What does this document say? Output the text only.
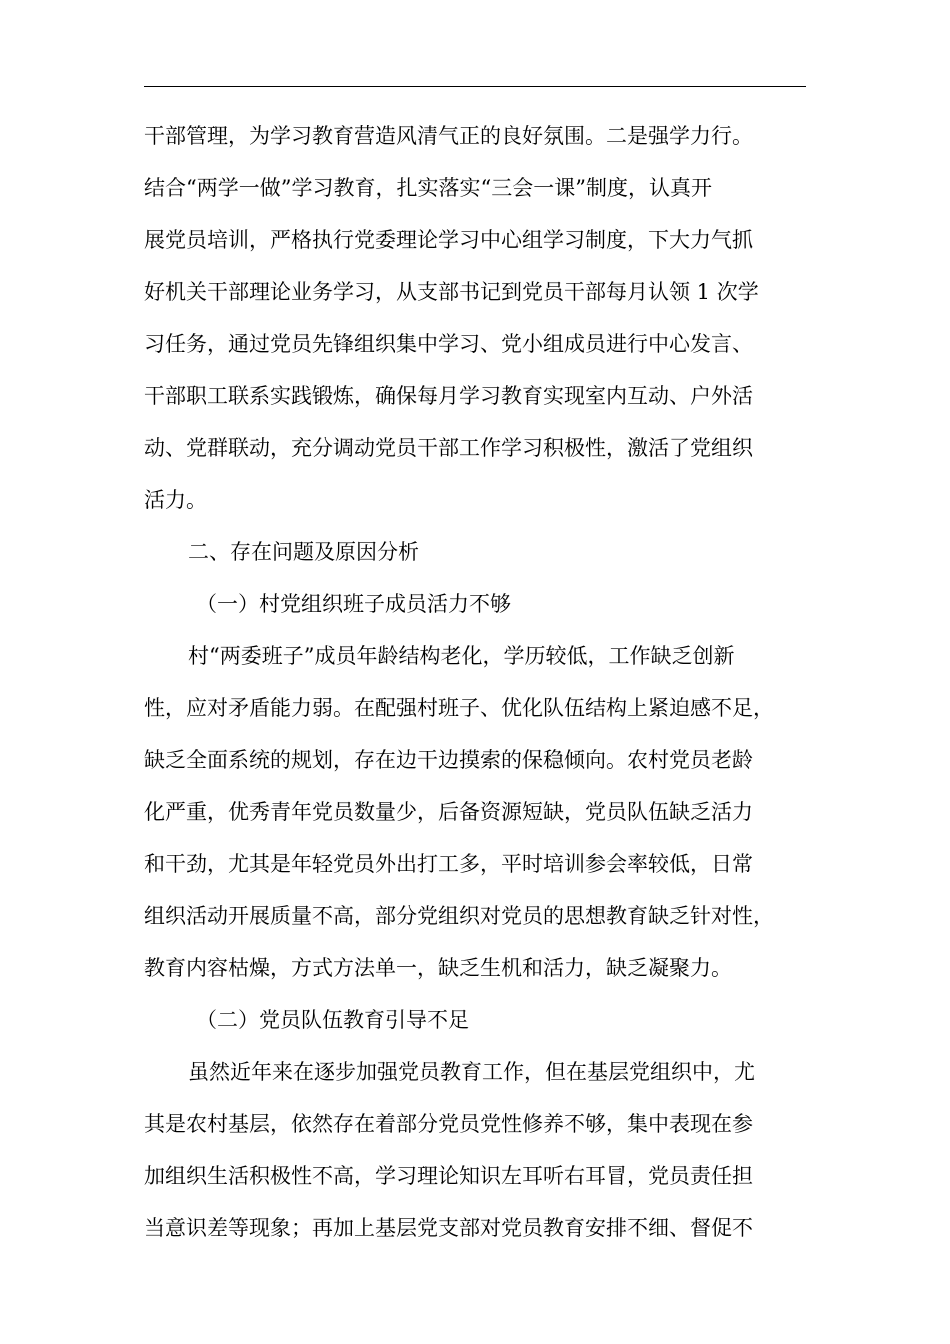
干部管理，为学习教育营造风清气正的良好氛围。二是强学力行。
结合“两学一做”学习教育，扎实落实“三会一课”制度，认真开
展党员培训，严格执行党委理论学习中心组学习制度，下大力气抓
好机关干部理论业务学习，从支部书记到党员干部每月认领 1 次学
习任务，通过党员先锋组织集中学习、党小组成员进行中心发言、
干部职工联系实践锻炼，确保每月学习教育实现室内互动、户外活
动、党群联动，充分调动党员干部工作学习积极性，激活了党组织
活力。
二、存在问题及原因分析
（一）村党组织班子成员活力不够
村“两委班子”成员年龄结构老化，学历较低，工作缺乏创新
性，应对矛盾能力弱。在配强村班子、优化队伍结构上紧迫感不足，
缺乏全面系统的规划，存在边干边摸索的保稳倾向。农村党员老龄
化严重，优秀青年党员数量少，后备资源短缺，党员队伍缺乏活力
和干劲，尤其是年轻党员外出打工多，平时培训参会率较低，日常
组织活动开展质量不高，部分党组织对党员的思想教育缺乏针对性，
教育内容枯燥，方式方法单一，缺乏生机和活力，缺乏凝聚力。
（二）党员队伍教育引导不足
虽然近年来在逐步加强党员教育工作，但在基层党组织中，尤
其是农村基层，依然存在着部分党员党性修养不够，集中表现在参
加组织生活积极性不高，学习理论知识左耳听右耳冒，党员责任担
当意识差等现象；再加上基层党支部对党员教育安排不细、督促不
